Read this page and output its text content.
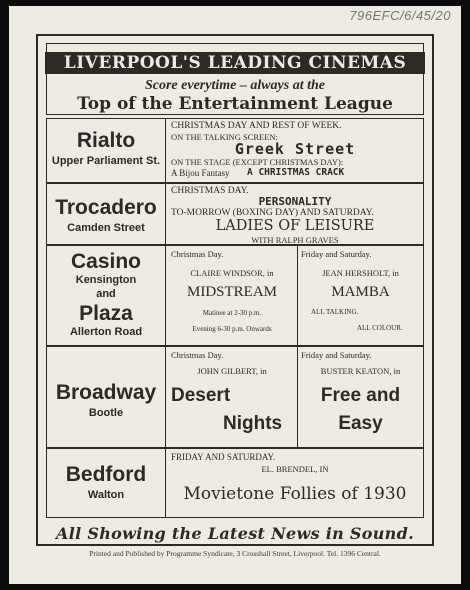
796EFC/6/45/20
LIVERPOOL'S LEADING CINEMAS
Score everytime – always at the
Top of the Entertainment League
Rialto
Upper Parliament St.
CHRISTMAS DAY AND REST OF WEEK.
ON THE TALKING SCREEN:
Greek Street
ON THE STAGE (EXCEPT CHRISTMAS DAY):
A Bijou Fantasy A CHRISTMAS CRACK
Trocadero
Camden Street
CHRISTMAS DAY.
PERSONALITY
TO-MORROW (BOXING DAY) AND SATURDAY.
LADIES OF LEISURE
WITH RALPH GRAVES
Casino
Kensington
and
Plaza
Allerton Road
Christmas Day.
CLAIRE WINDSOR, in
MIDSTREAM
Matinee at 2-30 p.m.
Evening 6-30 p.m. Onwards
Friday and Saturday.
JEAN HERSHOLT, in
MAMBA
ALL TALKING.
ALL COLOUR.
Broadway
Bootle
Christmas Day.
JOHN GILBERT, in
Desert
Nights
Friday and Saturday.
BUSTER KEATON, in
Free and
Easy
Bedford
Walton
FRIDAY AND SATURDAY.
EL. BRENDEL, IN
Movietone Follies of 1930
All Showing the Latest News in Sound.
Printed and Published by Programme Syndicate, 3 Crosshall Street, Liverpool. Tel. 1396 Central.
